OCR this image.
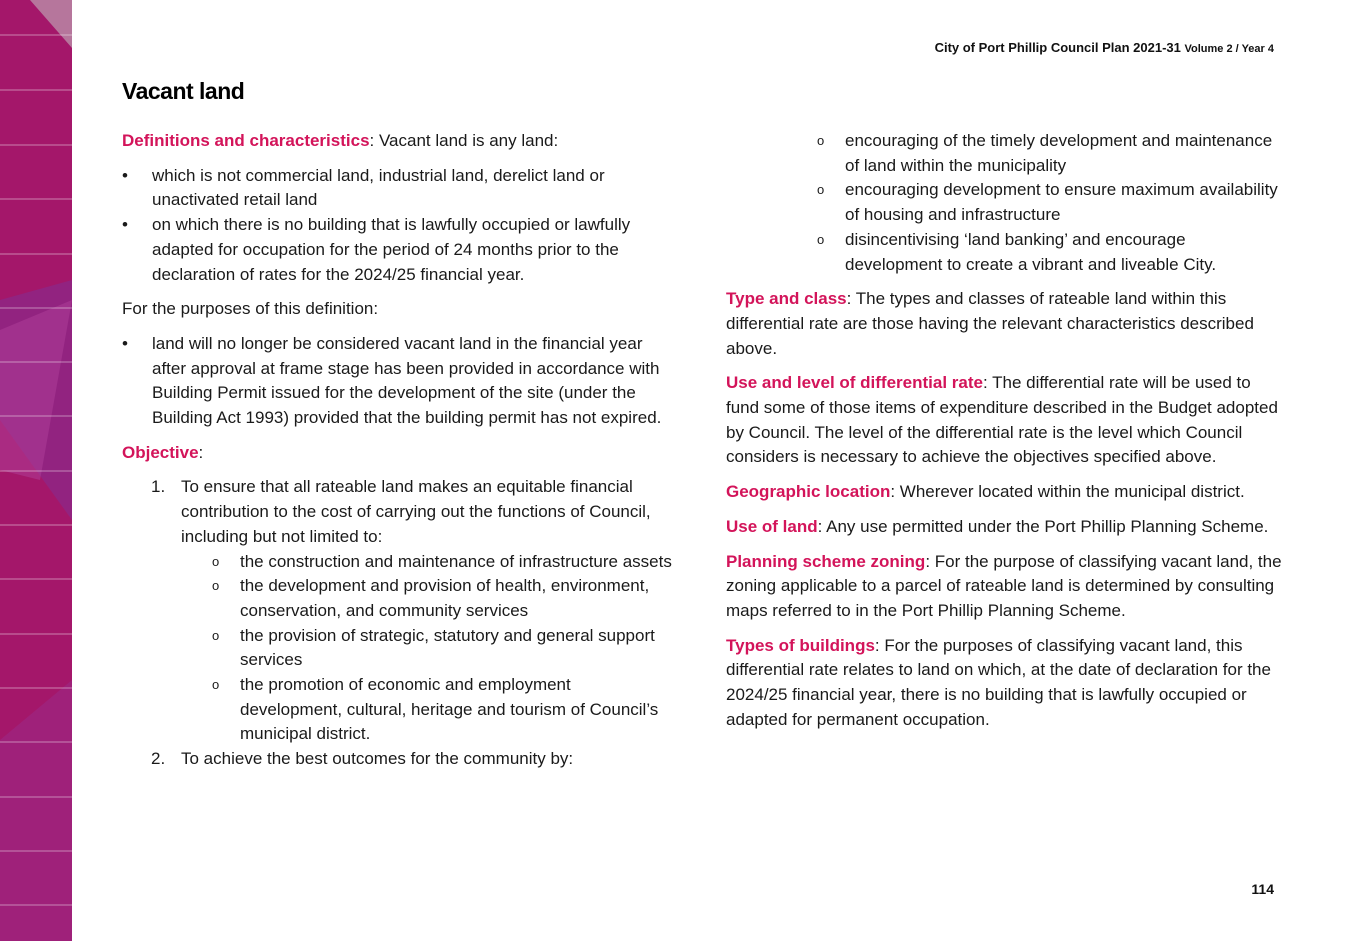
City of Port Phillip Council Plan 2021-31 Volume 2 / Year 4
Vacant land

Definitions and characteristics: Vacant land is any land:

• which is not commercial land, industrial land, derelict land or unactivated retail land
• on which there is no building that is lawfully occupied or lawfully adapted for occupation for the period of 24 months prior to the declaration of rates for the 2024/25 financial year.

For the purposes of this definition:

• land will no longer be considered vacant land in the financial year after approval at frame stage has been provided in accordance with Building Permit issued for the development of the site (under the Building Act 1993) provided that the building permit has not expired.

Objective:

1. To ensure that all rateable land makes an equitable financial contribution to the cost of carrying out the functions of Council, including but not limited to:
o the construction and maintenance of infrastructure assets
o the development and provision of health, environment, conservation, and community services
o the provision of strategic, statutory and general support services
o the promotion of economic and employment development, cultural, heritage and tourism of Council’s municipal district.
2. To achieve the best outcomes for the community by:
o encouraging of the timely development and maintenance of land within the municipality
o encouraging development to ensure maximum availability of housing and infrastructure
o disincentivising ‘land banking’ and encourage development to create a vibrant and liveable City.

Type and class: The types and classes of rateable land within this differential rate are those having the relevant characteristics described above.

Use and level of differential rate: The differential rate will be used to fund some of those items of expenditure described in the Budget adopted by Council. The level of the differential rate is the level which Council considers is necessary to achieve the objectives specified above.

Geographic location: Wherever located within the municipal district.

Use of land: Any use permitted under the Port Phillip Planning Scheme.

Planning scheme zoning: For the purpose of classifying vacant land, the zoning applicable to a parcel of rateable land is determined by consulting maps referred to in the Port Phillip Planning Scheme.

Types of buildings: For the purposes of classifying vacant land, this differential rate relates to land on which, at the date of declaration for the 2024/25 financial year, there is no building that is lawfully occupied or adapted for permanent occupation.

114
